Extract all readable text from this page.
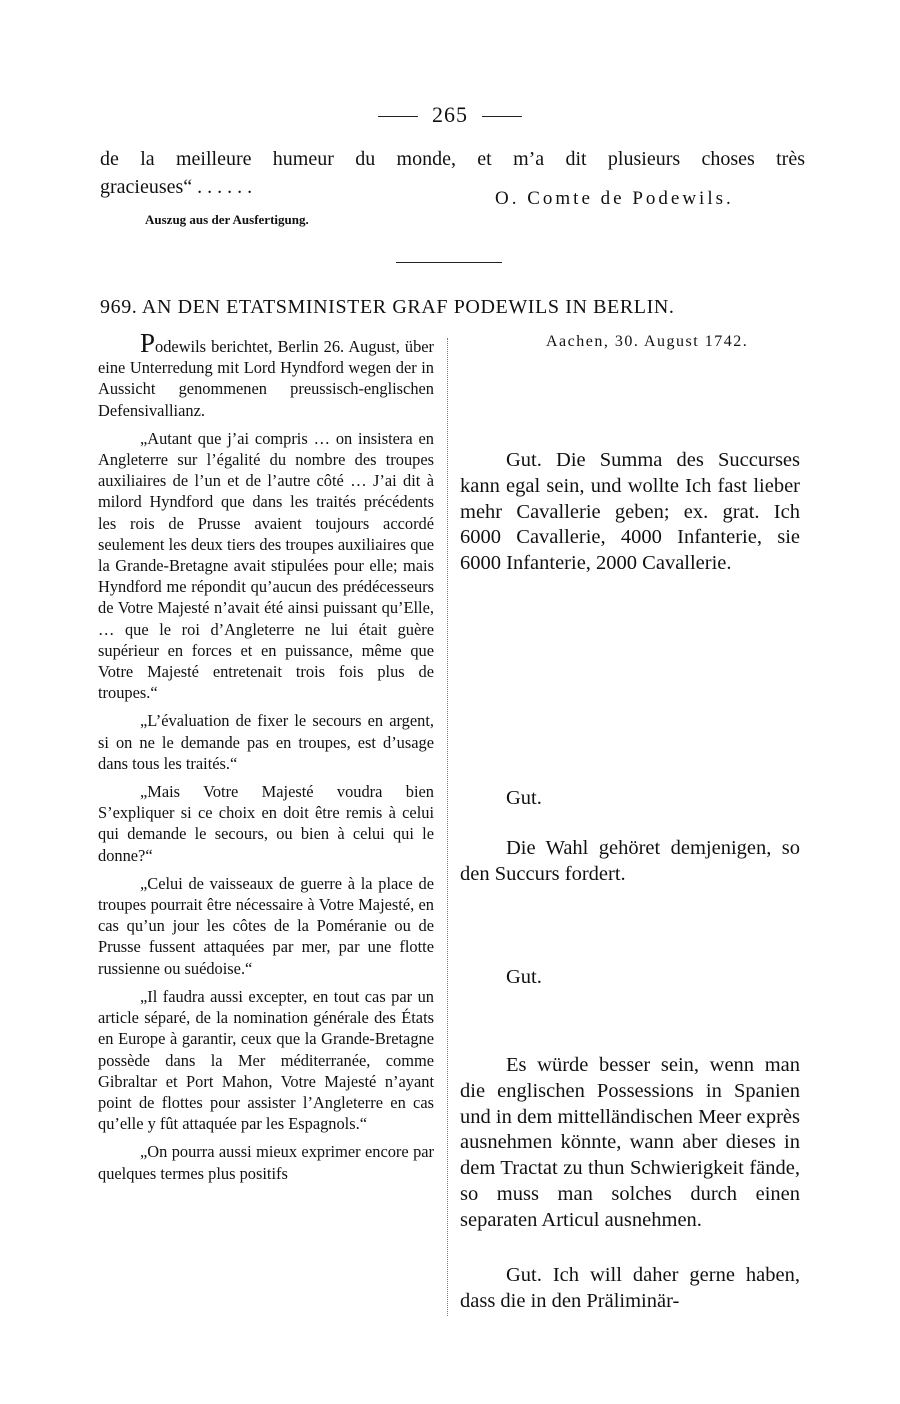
265
de la meilleure humeur du monde, et m’a dit plusieurs choses très
gracieuses“ . . . . . .
O. Comte de Podewils.
Auszug aus der Ausfertigung.
969. AN DEN ETATSMINISTER GRAF PODEWILS IN BERLIN.
Aachen, 30. August 1742.

Podewils berichtet, Berlin 26. August, über eine Unterredung mit Lord Hyndford wegen der in Aussicht genommenen preussisch-englischen Defensivallianz.

„Autant que j’ai compris … on insistera en Angleterre sur l’égalité du nombre des troupes auxiliaires de l’un et de l’autre côté … J’ai dit à milord Hyndford que dans les traités précédents les rois de Prusse avaient toujours accordé seulement les deux tiers des troupes auxiliaires que la Grande-Bretagne avait stipulées pour elle; mais Hyndford me répondit qu’aucun des prédécesseurs de Votre Majesté n’avait été ainsi puissant qu’Elle, … que le roi d’Angleterre ne lui était guère supérieur en forces et en puissance, même que Votre Majesté entretenait trois fois plus de troupes.“

„L’évaluation de fixer le secours en argent, si on ne le demande pas en troupes, est d’usage dans tous les traités.“

„Mais Votre Majesté voudra bien S’expliquer si ce choix en doit être remis à celui qui demande le secours, ou bien à celui qui le donne?“

„Celui de vaisseaux de guerre à la place de troupes pourrait être nécessaire à Votre Majesté, en cas qu’un jour les côtes de la Poméranie ou de Prusse fussent attaquées par mer, par une flotte russienne ou suédoise.“

„Il faudra aussi excepter, en tout cas par un article séparé, de la nomination générale des États en Europe à garantir, ceux que la Grande-Bretagne possède dans la Mer méditerranée, comme Gibraltar et Port Mahon, Votre Majesté n’ayant point de flottes pour assister l’Angleterre en cas qu’elle y fût attaquée par les Espagnols.“

„On pourra aussi mieux exprimer encore par quelques termes plus positifs

Gut. Die Summa des Succurses kann egal sein, und wollte Ich fast lieber mehr Cavallerie geben; ex. grat. Ich 6000 Cavallerie, 4000 Infanterie, sie 6000 Infanterie, 2000 Cavallerie.
Gut.
Die Wahl gehöret demjenigen, so den Succurs fordert.
Gut.
Es würde besser sein, wenn man die englischen Possessions in Spanien und in dem mittelländischen Meer exprès ausnehmen könnte, wann aber dieses in dem Tractat zu thun Schwierigkeit fände, so muss man solches durch einen separaten Articul ausnehmen.
Gut. Ich will daher gerne haben, dass die in den Präliminär-
